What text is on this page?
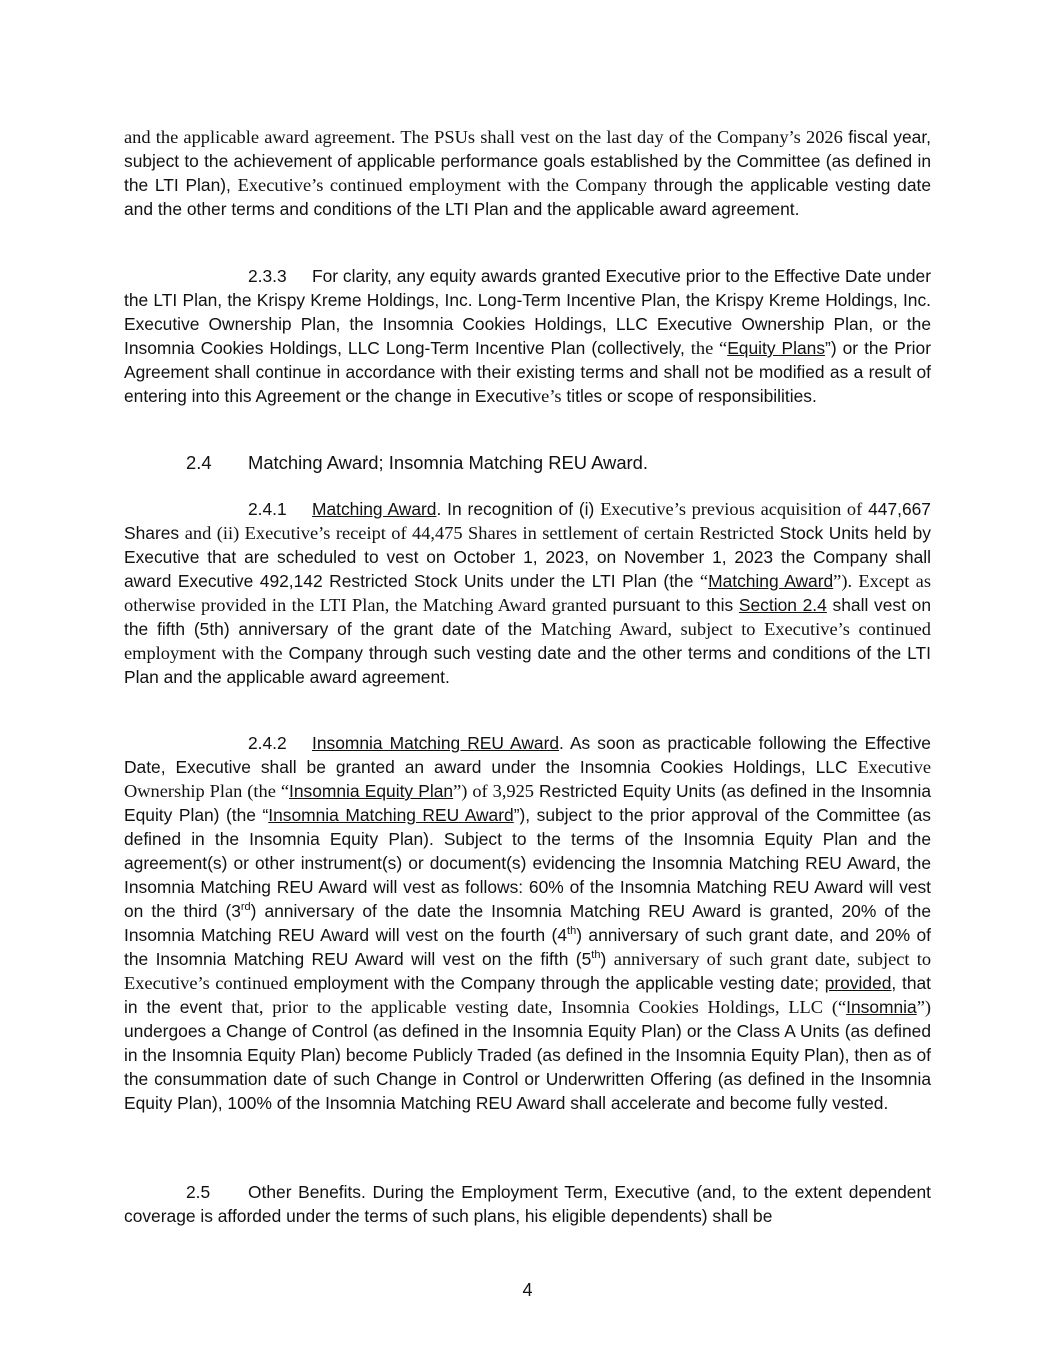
and the applicable award agreement. The PSUs shall vest on the last day of the Company’s 2026 fiscal year, subject to the achievement of applicable performance goals established by the Committee (as defined in the LTI Plan), Executive’s continued employment with the Company through the applicable vesting date and the other terms and conditions of the LTI Plan and the applicable award agreement.

2.3.3 For clarity, any equity awards granted Executive prior to the Effective Date under the LTI Plan, the Krispy Kreme Holdings, Inc. Long-Term Incentive Plan, the Krispy Kreme Holdings, Inc. Executive Ownership Plan, the Insomnia Cookies Holdings, LLC Executive Ownership Plan, or the Insomnia Cookies Holdings, LLC Long-Term Incentive Plan (collectively, the “Equity Plans”) or the Prior Agreement shall continue in accordance with their existing terms and shall not be modified as a result of entering into this Agreement or the change in Executive’s titles or scope of responsibilities.

2.4 Matching Award; Insomnia Matching REU Award.

2.4.1 Matching Award. In recognition of (i) Executive’s previous acquisition of 447,667 Shares and (ii) Executive’s receipt of 44,475 Shares in settlement of certain Restricted Stock Units held by Executive that are scheduled to vest on October 1, 2023, on November 1, 2023 the Company shall award Executive 492,142 Restricted Stock Units under the LTI Plan (the “Matching Award”). Except as otherwise provided in the LTI Plan, the Matching Award granted pursuant to this Section 2.4 shall vest on the fifth (5th) anniversary of the grant date of the Matching Award, subject to Executive’s continued employment with the Company through such vesting date and the other terms and conditions of the LTI Plan and the applicable award agreement.

2.4.2 Insomnia Matching REU Award. As soon as practicable following the Effective Date, Executive shall be granted an award under the Insomnia Cookies Holdings, LLC Executive Ownership Plan (the “Insomnia Equity Plan”) of 3,925 Restricted Equity Units (as defined in the Insomnia Equity Plan) (the “Insomnia Matching REU Award”), subject to the prior approval of the Committee (as defined in the Insomnia Equity Plan). Subject to the terms of the Insomnia Equity Plan and the agreement(s) or other instrument(s) or document(s) evidencing the Insomnia Matching REU Award, the Insomnia Matching REU Award will vest as follows: 60% of the Insomnia Matching REU Award will vest on the third (3rd) anniversary of the date the Insomnia Matching REU Award is granted, 20% of the Insomnia Matching REU Award will vest on the fourth (4th) anniversary of such grant date, and 20% of the Insomnia Matching REU Award will vest on the fifth (5th) anniversary of such grant date, subject to Executive’s continued employment with the Company through the applicable vesting date; provided, that in the event that, prior to the applicable vesting date, Insomnia Cookies Holdings, LLC (“Insomnia”) undergoes a Change of Control (as defined in the Insomnia Equity Plan) or the Class A Units (as defined in the Insomnia Equity Plan) become Publicly Traded (as defined in the Insomnia Equity Plan), then as of the consummation date of such Change in Control or Underwritten Offering (as defined in the Insomnia Equity Plan), 100% of the Insomnia Matching REU Award shall accelerate and become fully vested.

2.5 Other Benefits. During the Employment Term, Executive (and, to the extent dependent coverage is afforded under the terms of such plans, his eligible dependents) shall be

4
